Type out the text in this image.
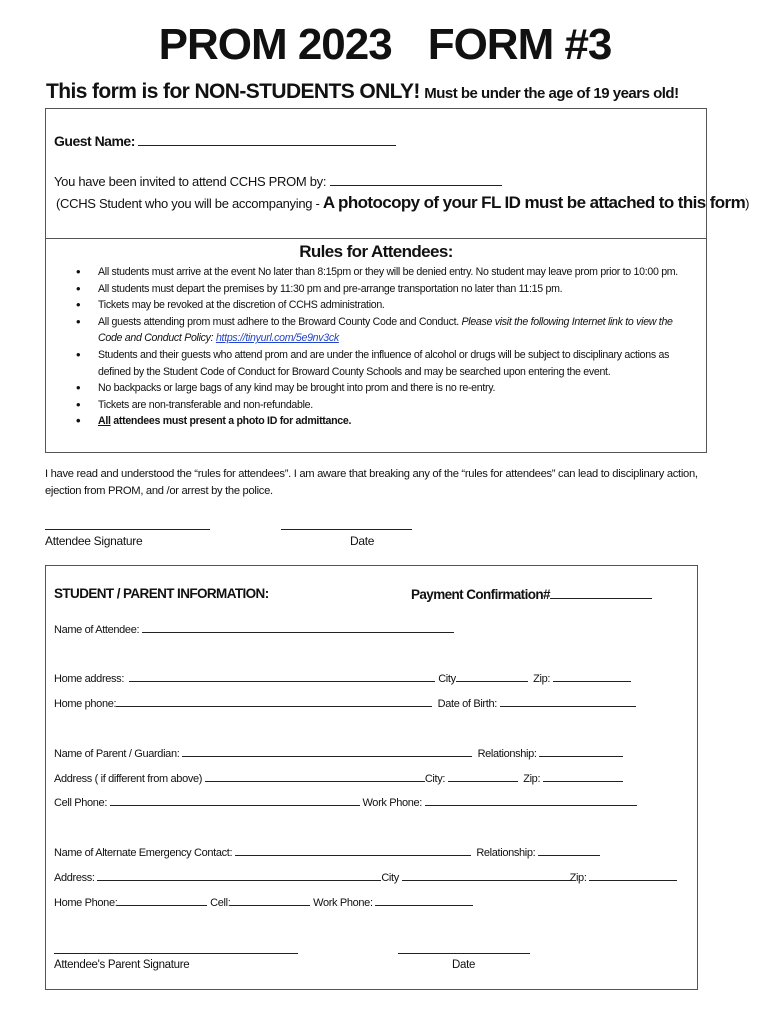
PROM 2023 FORM #3
This form is for NON-STUDENTS ONLY! Must be under the age of 19 years old!
Guest Name:
You have been invited to attend CCHS PROM by:
(CCHS Student who you will be accompanying - A photocopy of your FL ID must be attached to this form)
Rules for Attendees:
• All students must arrive at the event No later than 8:15pm or they will be denied entry. No student may leave prom prior to 10:00 pm.
• All students must depart the premises by 11:30 pm and pre-arrange transportation no later than 11:15 pm.
• Tickets may be revoked at the discretion of CCHS administration.
• All guests attending prom must adhere to the Broward County Code and Conduct. Please visit the following Internet link to view the Code and Conduct Policy: https://tinyurl.com/5e9nv3ck
• Students and their guests who attend prom and are under the influence of alcohol or drugs will be subject to disciplinary actions as defined by the Student Code of Conduct for Broward County Schools and may be searched upon entering the event.
• No backpacks or large bags of any kind may be brought into prom and there is no re-entry.
• Tickets are non-transferable and non-refundable.
• All attendees must present a photo ID for admittance.
I have read and understood the “rules for attendees”. I am aware that breaking any of the “rules for attendees” can lead to disciplinary action, ejection from PROM, and /or arrest by the police.
Attendee Signature	Date
STUDENT / PARENT INFORMATION:	Payment Confirmation#
Name of Attendee:
Home address:	City	Zip:
Home phone:	Date of Birth:
Name of Parent / Guardian:	Relationship:
Address ( if different from above)	City:	Zip:
Cell Phone:	Work Phone:
Name of Alternate Emergency Contact:	Relationship:
Address:	City	Zip:
Home Phone:	Cell:	Work Phone:
Attendee's Parent Signature	Date
